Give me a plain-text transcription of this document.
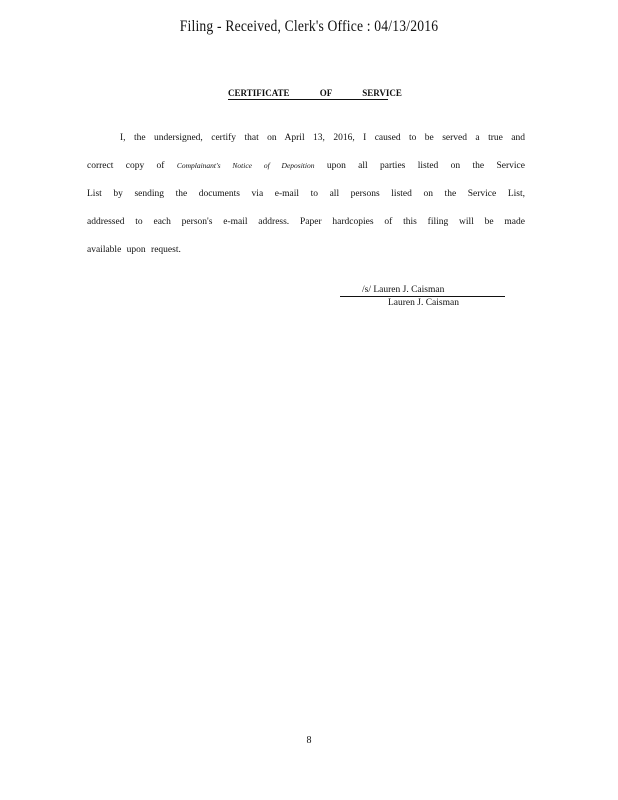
Filing - Received, Clerk's Office : 04/13/2016
CERTIFICATE OF SERVICE
I, the undersigned, certify that on April 13, 2016, I caused to be served a true and
correct copy of Complainant's Notice of Deposition upon all parties listed on the Service
List by sending the documents via e-mail to all persons listed on the Service List,
addressed to each person's e-mail address. Paper hardcopies of this filing will be made
available upon request.
/s/ Lauren J. Caisman
Lauren J. Caisman
8
